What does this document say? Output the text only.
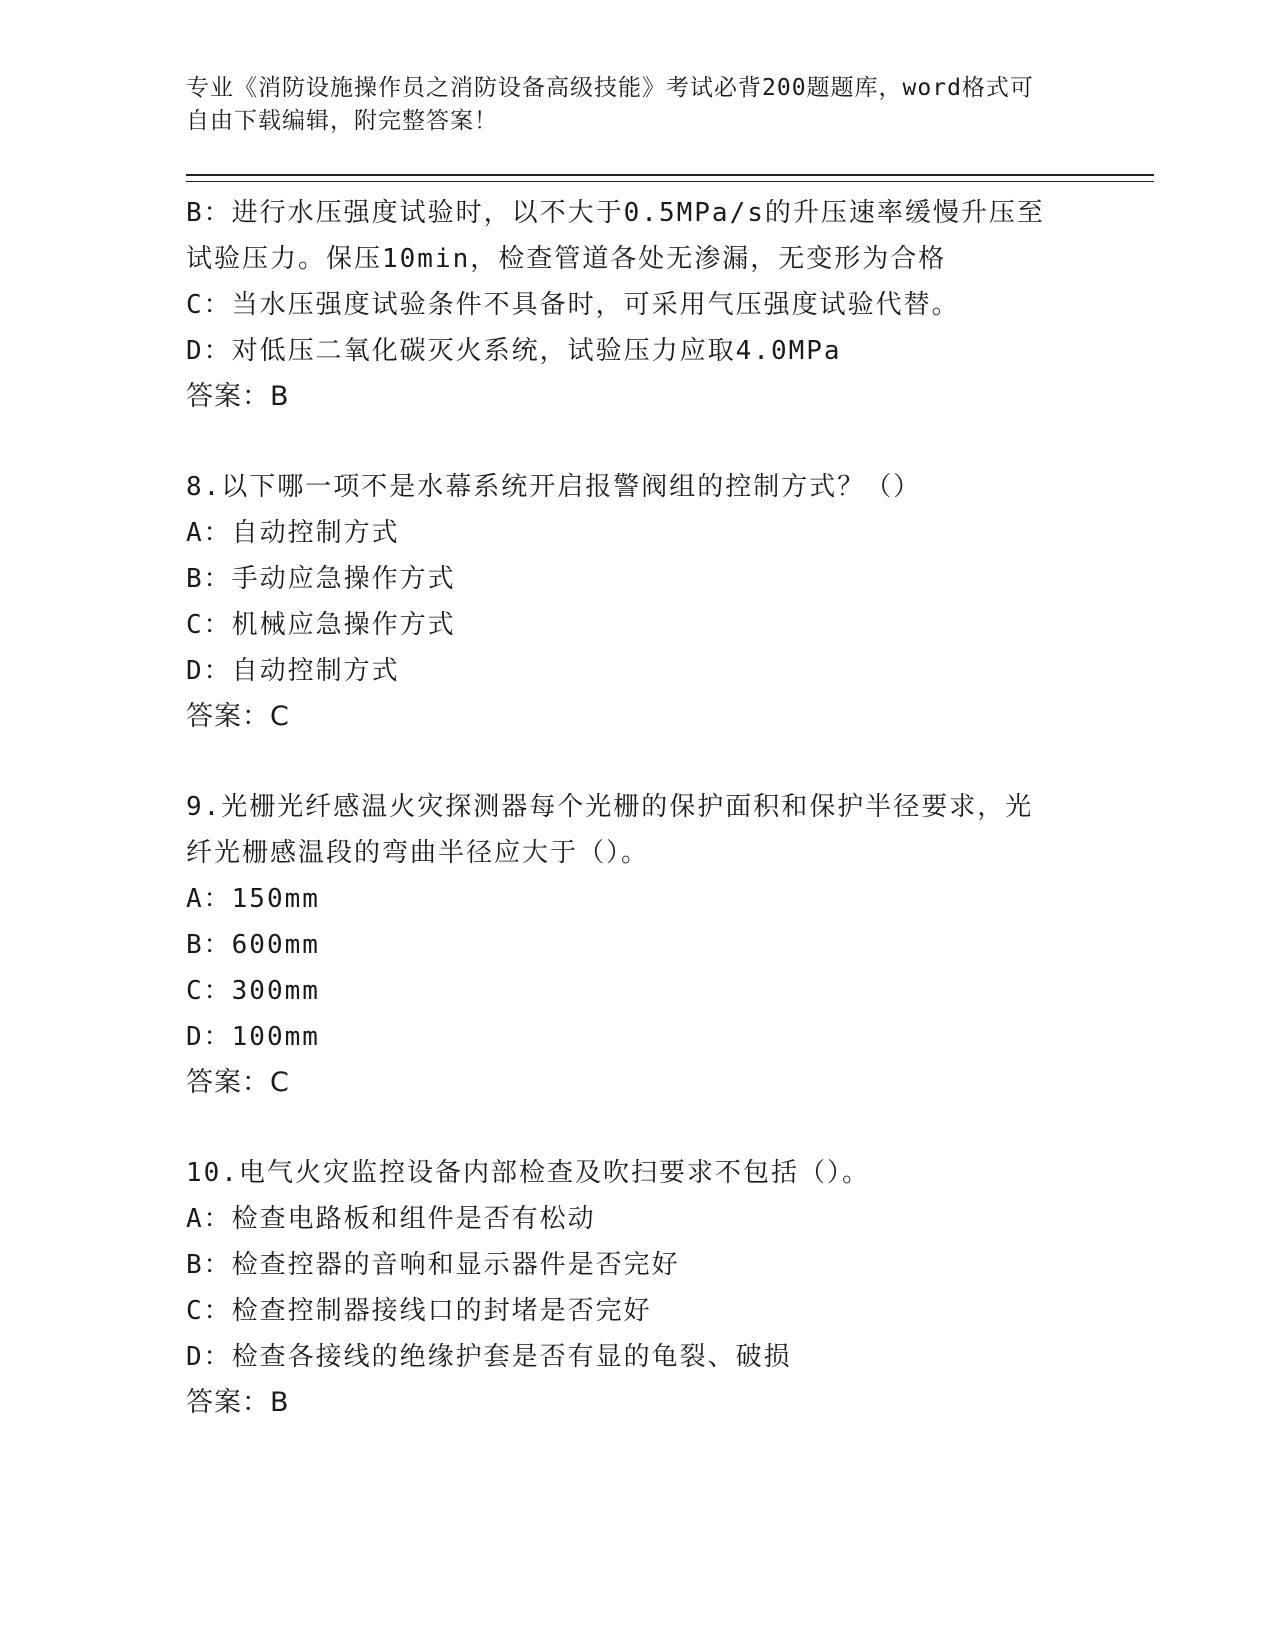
专业《消防设施操作员之消防设备高级技能》考试必背200题题库，word格式可
自由下载编辑，附完整答案！
B：进行水压强度试验时，以不大于0.5MPa/s的升压速率缓慢升压至
试验压力。保压10min，检查管道各处无渗漏，无变形为合格
C：当水压强度试验条件不具备时，可采用气压强度试验代替。
D：对低压二氧化碳灭火系统，试验压力应取4.0MPa
答案：B
8.以下哪一项不是水幕系统开启报警阀组的控制方式？（）
A：自动控制方式
B：手动应急操作方式
C：机械应急操作方式
D：自动控制方式
答案：C
9.光栅光纤感温火灾探测器每个光栅的保护面积和保护半径要求，光
纤光栅感温段的弯曲半径应大于（）。
A：150mm
B：600mm
C：300mm
D：100mm
答案：C
10.电气火灾监控设备内部检查及吹扫要求不包括（）。
A：检查电路板和组件是否有松动
B：检查控器的音响和显示器件是否完好
C：检查控制器接线口的封堵是否完好
D：检查各接线的绝缘护套是否有显的龟裂、破损
答案：B
